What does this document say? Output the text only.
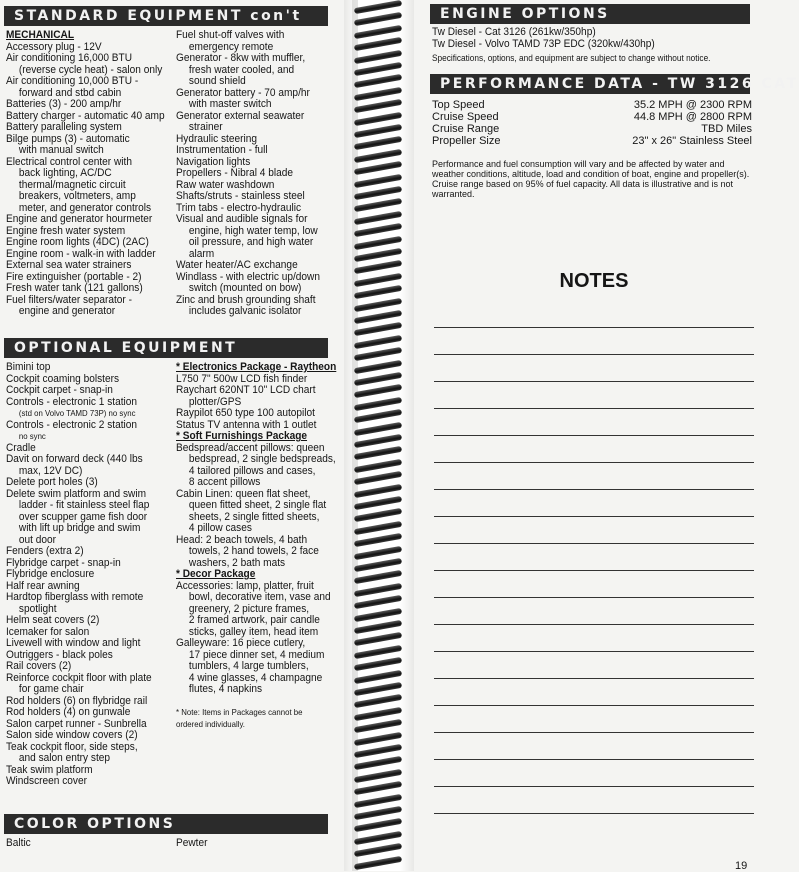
STANDARD EQUIPMENT con't
MECHANICAL
Accessory plug - 12V
Air conditioning 16,000 BTU
(reverse cycle heat) - salon only
Air conditioning 10,000 BTU -
forward and stbd cabin
Batteries (3) - 200 amp/hr
Battery charger - automatic 40 amp
Battery paralleling system
Bilge pumps (3) - automatic
with manual switch
Electrical control center with
back lighting, AC/DC
thermal/magnetic circuit
breakers, voltmeters, amp
meter, and generator controls
Engine and generator hourmeter
Engine fresh water system
Engine room lights (4DC) (2AC)
Engine room - walk-in with ladder
External sea water strainers
Fire extinguisher (portable - 2)
Fresh water tank (121 gallons)
Fuel filters/water separator -
engine and generator
Fuel shut-off valves with
emergency remote
Generator - 8kw with muffler,
fresh water cooled, and
sound shield
Generator battery - 70 amp/hr
with master switch
Generator external seawater
strainer
Hydraulic steering
Instrumentation - full
Navigation lights
Propellers - Nibral 4 blade
Raw water washdown
Shafts/struts - stainless steel
Trim tabs - electro-hydraulic
Visual and audible signals for
engine, high water temp, low
oil pressure, and high water
alarm
Water heater/AC exchange
Windlass - with electric up/down
switch (mounted on bow)
Zinc and brush grounding shaft
includes galvanic isolator
OPTIONAL EQUIPMENT
Bimini top
Cockpit coaming bolsters
Cockpit carpet - snap-in
Controls - electronic 1 station
(std on Volvo TAMD 73P) no sync
Controls - electronic 2 station
no sync
Cradle
Davit on forward deck (440 lbs
max, 12V DC)
Delete port holes (3)
Delete swim platform and swim
ladder - fit stainless steel flap
over scupper game fish door
with lift up bridge and swim
out door
Fenders (extra 2)
Flybridge carpet - snap-in
Flybridge enclosure
Half rear awning
Hardtop fiberglass with remote
spotlight
Helm seat covers (2)
Icemaker for salon
Livewell with window and light
Outriggers - black poles
Rail covers (2)
Reinforce cockpit floor with plate
for game chair
Rod holders (6) on flybridge rail
Rod holders (4) on gunwale
Salon carpet runner - Sunbrella
Salon side window covers (2)
Teak cockpit floor, side steps,
and salon entry step
Teak swim platform
Windscreen cover
* Electronics Package - Raytheon
L750 7" 500w LCD fish finder
Raychart 620NT 10" LCD chart
plotter/GPS
Raypilot 650 type 100 autopilot
Status TV antenna with 1 outlet
* Soft Furnishings Package
Bedspread/accent pillows: queen
bedspread, 2 single bedspreads,
4 tailored pillows and cases,
8 accent pillows
Cabin Linen: queen flat sheet,
queen fitted sheet, 2 single flat
sheets, 2 single fitted sheets,
4 pillow cases
Head: 2 beach towels, 4 bath
towels, 2 hand towels, 2 face
washers, 2 bath mats
* Decor Package
Accessories: lamp, platter, fruit
bowl, decorative item, vase and
greenery, 2 picture frames,
2 framed artwork, pair candle
sticks, galley item, head item
Galleyware: 16 piece cutlery,
17 piece dinner set, 4 medium
tumblers, 4 large tumblers,
4 wine glasses, 4 champagne
flutes, 4 napkins
* Note: Items in Packages cannot be
ordered individually.
COLOR OPTIONS
Baltic	Pewter
ENGINE OPTIONS
Tw Diesel - Cat 3126 (261kw/350hp)
Tw Diesel - Volvo TAMD 73P EDC (320kw/430hp)
Specifications, options, and equipment are subject to change without notice.
PERFORMANCE DATA - TW 3126 CAT
Top Speed	35.2 MPH @ 2300 RPM
Cruise Speed	44.8 MPH @ 2800 RPM
Cruise Range	TBD Miles
Propeller Size	23" x 26" Stainless Steel
Performance and fuel consumption will vary and be affected by water and weather conditions, altitude, load and condition of boat, engine and propeller(s). Cruise range based on 95% of fuel capacity. All data is illustrative and is not warranted.
NOTES
19
